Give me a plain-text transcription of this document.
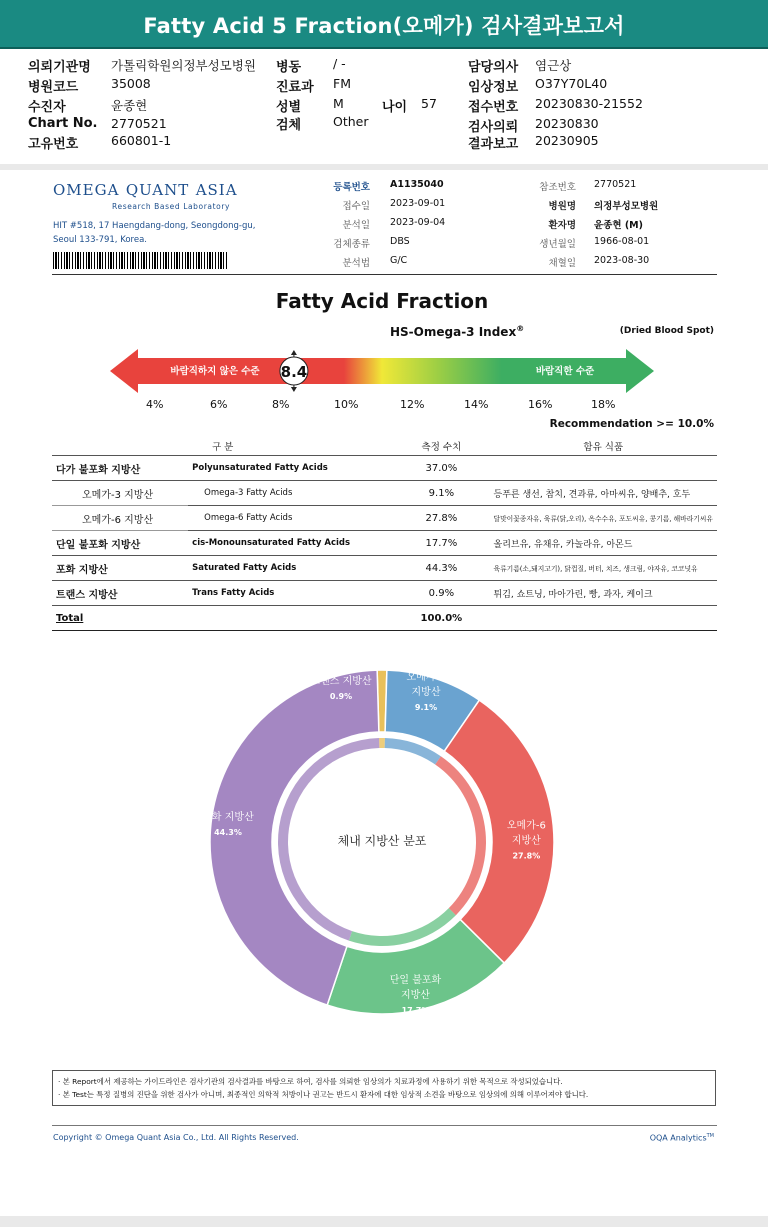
Fatty Acid 5 Fraction(오메가) 검사결과보고서
의뢰기관명 가톨릭학원의정부성모병원
병원코드	35008
수진자	윤종현
Chart No. 2770521
고유번호	660801-1
병동	/ -
진료과 FM
성별	M	나이 57
검체	Other
담당의사 염근상
임상정보 O37Y70L40
접수번호 20230830-21552
검사의뢰 20230830
결과보고 20230905
OMEGA QUANT ASIA
Research Based Laboratory
HIT #518, 17 Haengdang-dong, Seongdong-gu,
Seoul 133-791, Korea.
등록번호 A1135040
접수일 2023-09-01
분석일 2023-09-04
검체종류 DBS
분석법 G/C
참조번호 2770521
병원명 의정부성모병원
환자명 윤종현 (M)
생년월일 1966-08-01
채혈일 2023-08-30
Fatty Acid Fraction
HS-Omega-3 Index®	(Dried Blood Spot)
바람직하지 않은 수준	바람직한 수준
8.4
4%	6%	8%	10%	12%	14%	16%	18%
Recommendation >= 10.0%
구 분		측정 수치	함유 식품
다가 불포화 지방산	Polyunsaturated Fatty Acids	37.0%	
오메가-3 지방산	Omega-3 Fatty Acids	9.1%	등푸른 생선, 참치, 견과류, 아마씨유, 양배추, 호두
오메가-6 지방산	Omega-6 Fatty Acids	27.8%	달맞이꽃종자유, 육류(닭,오리), 옥수수유, 포도씨유, 콩기름, 해바라기씨유
단일 불포화 지방산	cis-Monounsaturated Fatty Acids	17.7%	올리브유, 유채유, 카놀라유, 아몬드
포화 지방산	Saturated Fatty Acids	44.3%	육류기름(소,돼지고기), 닭껍질, 버터, 치즈, 생크림, 야자유, 코코넛유
트랜스 지방산	Trans Fatty Acids	0.9%	튀김, 쇼트닝, 마아가린, 빵, 과자, 케이크
Total		100.0%	
트랜스 지방산
0.9%
오메가-3
지방산
9.1%
오메가-6
지방산
27.8%
단일 불포화
지방산
17.7%
포화 지방산
44.3%
체내 지방산 분포
· 본 Report에서 제공하는 가이드라인은 검사기관의 검사결과를 바탕으로 하여, 검사를 의뢰한 임상의가 치료과정에 사용하기 위한 목적으로 작성되었습니다.
· 본 Test는 특정 질병의 진단을 위한 검사가 아니며, 최종적인 의학적 처방이나 권고는 반드시 환자에 대한 임상적 소견을 바탕으로 임상의에 의해 이루어져야 합니다.
Copyright © Omega Quant Asia Co., Ltd. All Rights Reserved.	OQA Analytics™
